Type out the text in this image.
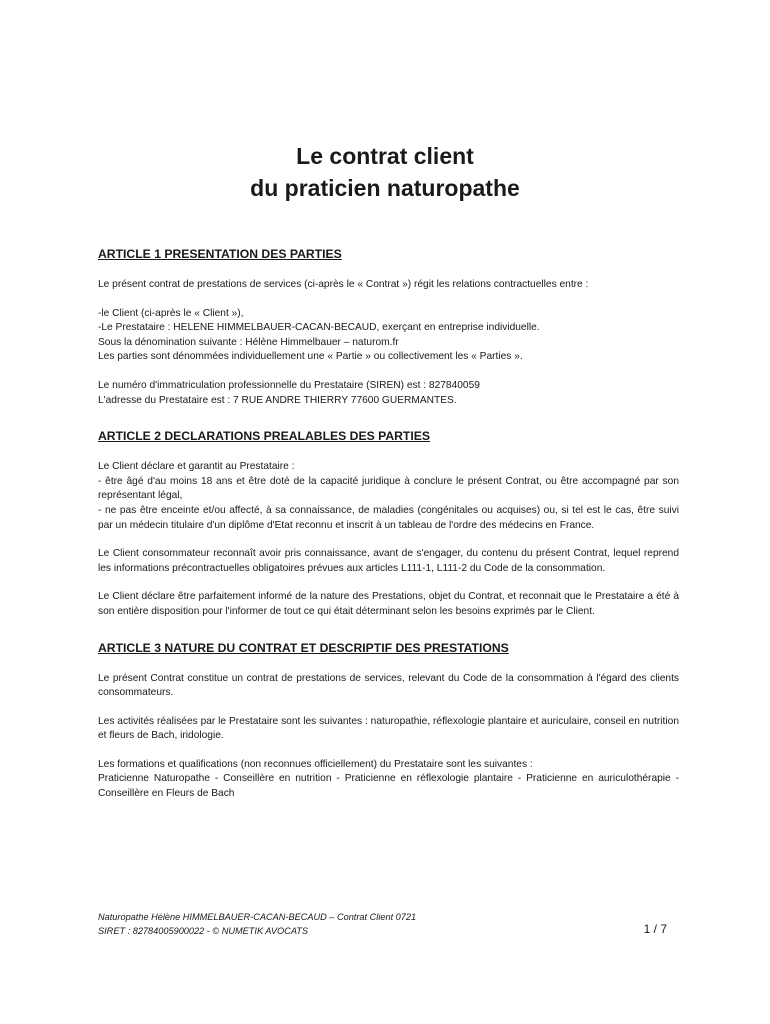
Le contrat client
du praticien naturopathe
ARTICLE 1 PRESENTATION DES PARTIES

Le présent contrat de prestations de services (ci-après le « Contrat ») régit les relations contractuelles entre :

-le Client (ci-après le « Client »),
-Le Prestataire : HELENE HIMMELBAUER-CACAN-BECAUD, exerçant en entreprise individuelle.
Sous la dénomination suivante : Hélène Himmelbauer – naturom.fr
Les parties sont dénommées individuellement une « Partie » ou collectivement les « Parties ».

Le numéro d'immatriculation professionnelle du Prestataire (SIREN) est : 827840059
L'adresse du Prestataire est : 7 RUE ANDRE THIERRY 77600 GUERMANTES.

ARTICLE 2 DECLARATIONS PREALABLES DES PARTIES

Le Client déclare et garantit au Prestataire :
- être âgé d'au moins 18 ans et être doté de la capacité juridique à conclure le présent Contrat, ou être accompagné par son représentant légal,
- ne pas être enceinte et/ou affecté, à sa connaissance, de maladies (congénitales ou acquises) ou, si tel est le cas, être suivi par un médecin titulaire d'un diplôme d'Etat reconnu et inscrit à un tableau de l'ordre des médecins en France.

Le Client consommateur reconnaît avoir pris connaissance, avant de s'engager, du contenu du présent Contrat, lequel reprend les informations précontractuelles obligatoires prévues aux articles L111-1, L111-2 du Code de la consommation.

Le Client déclare être parfaitement informé de la nature des Prestations, objet du Contrat, et reconnait que le Prestataire a été à son entière disposition pour l'informer de tout ce qui était déterminant selon les besoins exprimés par le Client.

ARTICLE 3 NATURE DU CONTRAT ET DESCRIPTIF DES PRESTATIONS

Le présent Contrat constitue un contrat de prestations de services, relevant du Code de la consommation à l'égard des clients consommateurs.

Les activités réalisées par le Prestataire sont les suivantes : naturopathie, réflexologie plantaire et auriculaire, conseil en nutrition et fleurs de Bach, iridologie.

Les formations et qualifications (non reconnues officiellement) du Prestataire sont les suivantes :
Praticienne Naturopathe - Conseillère en nutrition - Praticienne en réflexologie plantaire - Praticienne en auriculothérapie - Conseillère en Fleurs de Bach

Naturopathe Hélène HIMMELBAUER-CACAN-BECAUD – Contrat Client 0721
SIRET : 82784005900022 - © NUMETIK AVOCATS	1 / 7
